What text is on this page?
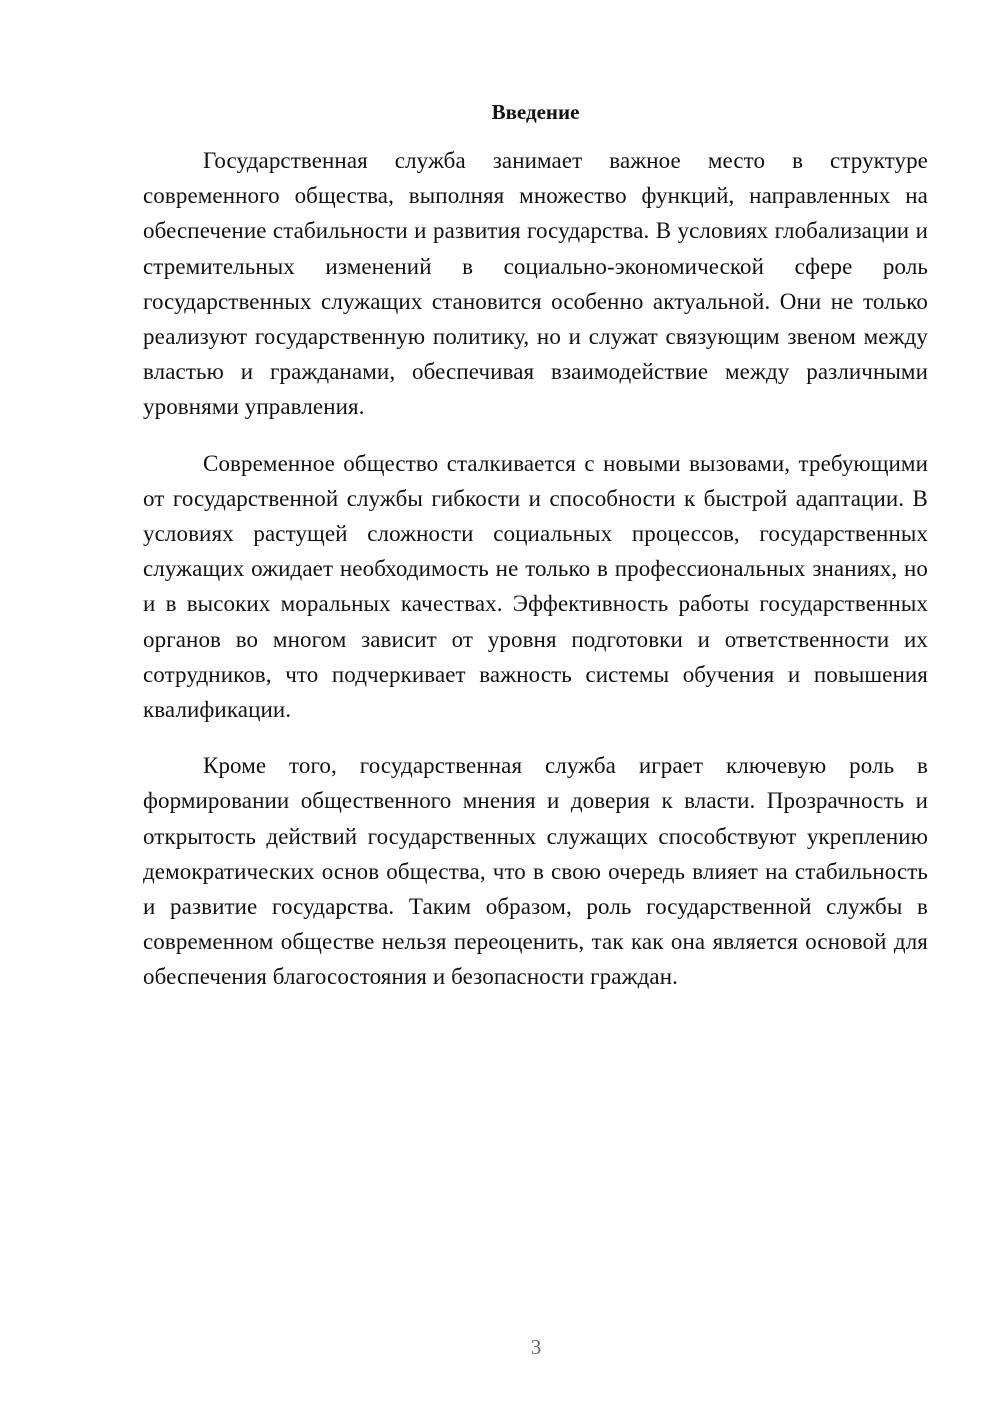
Введение

Государственная служба занимает важное место в структуре современного общества, выполняя множество функций, направленных на обеспечение стабильности и развития государства. В условиях глобализации и стремительных изменений в социально-экономической сфере роль государственных служащих становится особенно актуальной. Они не только реализуют государственную политику, но и служат связующим звеном между властью и гражданами, обеспечивая взаимодействие между различными уровнями управления.

Современное общество сталкивается с новыми вызовами, требующими от государственной службы гибкости и способности к быстрой адаптации. В условиях растущей сложности социальных процессов, государственных служащих ожидает необходимость не только в профессиональных знаниях, но и в высоких моральных качествах. Эффективность работы государственных органов во многом зависит от уровня подготовки и ответственности их сотрудников, что подчеркивает важность системы обучения и повышения квалификации.

Кроме того, государственная служба играет ключевую роль в формировании общественного мнения и доверия к власти. Прозрачность и открытость действий государственных служащих способствуют укреплению демократических основ общества, что в свою очередь влияет на стабильность и развитие государства. Таким образом, роль государственной службы в современном обществе нельзя переоценить, так как она является основой для обеспечения благосостояния и безопасности граждан.

3
